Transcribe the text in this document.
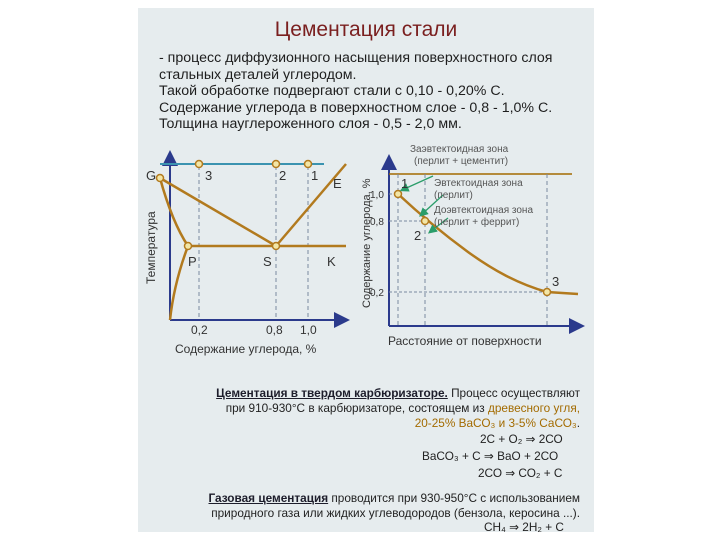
Цементация стали
- процесс диффузионного насыщения поверхностного слоя
стальных деталей углеродом.
Такой обработке подвергают стали с 0,10 - 0,20% С.
Содержание углерода в поверхностном слое - 0,8 - 1,0% С.
Толщина науглероженного слоя - 0,5 - 2,0 мм.
G
P	S	K
E
3	2 1
0,2	0,8 1,0
Содержание углерода, %
Температура
1
2
3
1,0
0,8
0,2
Заэвтектоидная зона
(перлит + цементит)
Эвтектоидная зона
(перлит)
Доэвтектоидная зона
(перлит + феррит)
Расстояние от поверхности
Содержание углерода, %
Цементация в твердом карбюризаторе. Процесс осуществляют
при 910-930°С в карбюризаторе, состоящем из древесного угля,
20-25% ВаСО₃ и 3-5% СаСО₃.
2С + О₂ ⇒ 2СО
ВаСО₃ + С ⇒ ВаО + 2СО
2СО ⇒ СО₂ + С
Газовая цементация проводится при 930-950°С с использованием
природного газа или жидких углеводородов (бензола, керосина ...).
СН₄ ⇒ 2Н₂ + С
